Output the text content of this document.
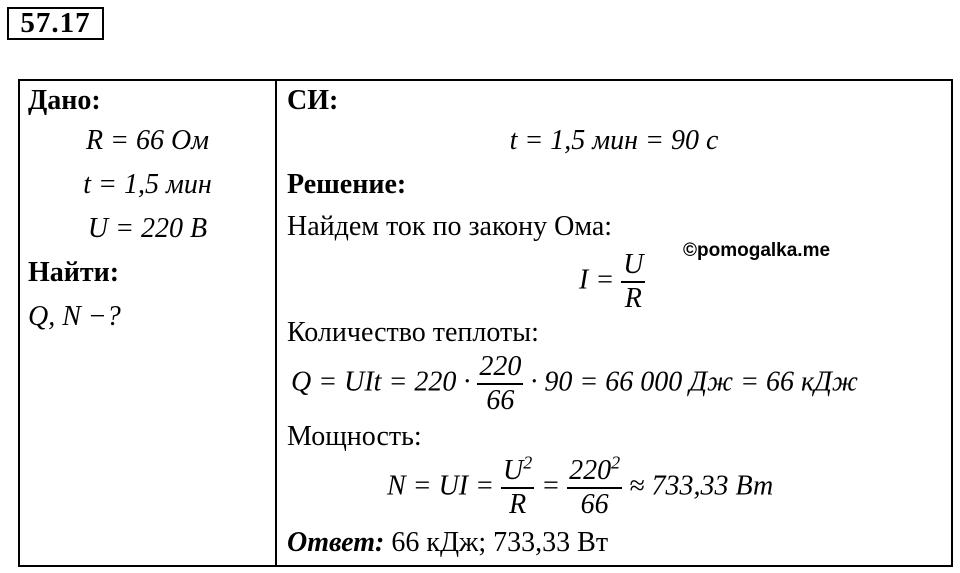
57.17
Дано:
R = 66 Ом
t = 1,5 мин
U = 220 В
Найти:
Q, N −?
СИ:
t = 1,5 мин = 90 с
Решение:
Найдем ток по закону Ома:
$I = \frac{U}{R}$
Количество теплоты:
Q = UIt = $220 \cdot \frac{220}{66} \cdot 90 = 66$ 000 Дж = 66 кДж
Мощность:
N = UI = $\frac{U^2}{R} = \frac{220^2}{66} \approx 733,33$ Вт
Ответ: 66 кДж; 733,33 Вт
©pomogalka.me
